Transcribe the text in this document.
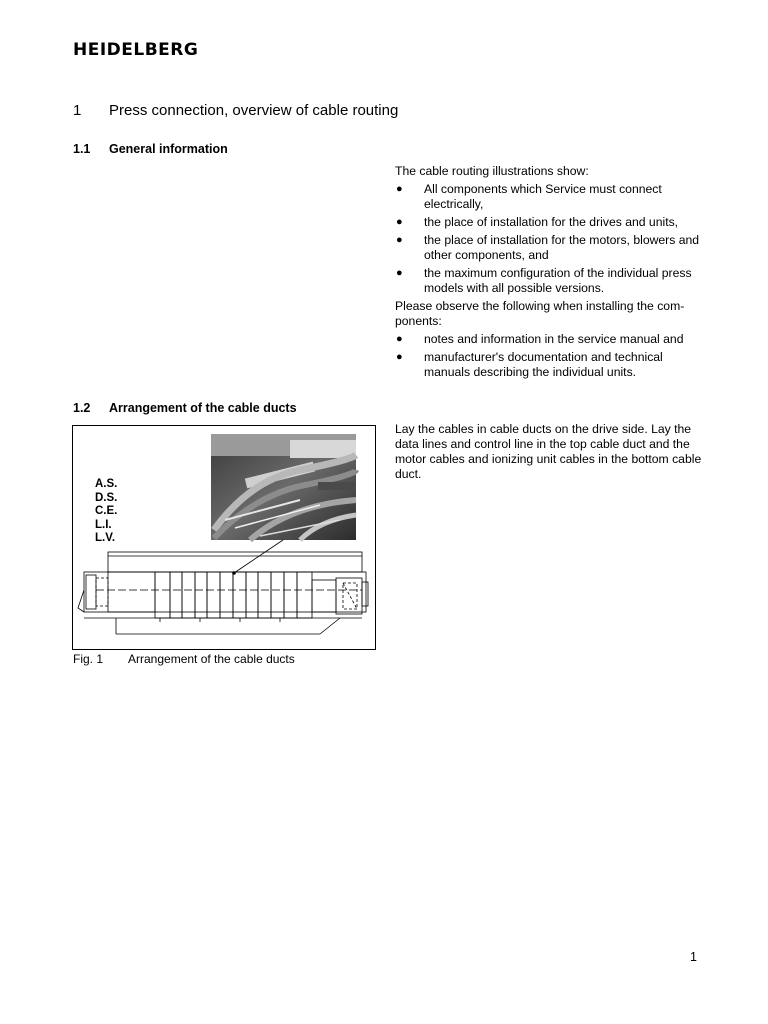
HEIDELBERG
1 Press connection, overview of cable routing
1.1 General information

The cable routing illustrations show:

● All components which Service must connect electrically,
● the place of installation for the drives and units,
● the place of installation for the motors, blowers and other components, and
● the maximum configuration of the individual press models with all possible versions.

Please observe the following when installing the com-ponents:

● notes and information in the service manual and
● manufacturer's documentation and technical manuals describing the individual units.
1.2 Arrangement of the cable ducts

Lay the cables in cable ducts on the drive side. Lay the data lines and control line in the top cable duct and the motor cables and ionizing unit cables in the bottom cable duct.

A.S.
D.S.
C.E.
L.I.
L.V.
Fig. 1 Arrangement of the cable ducts
1
